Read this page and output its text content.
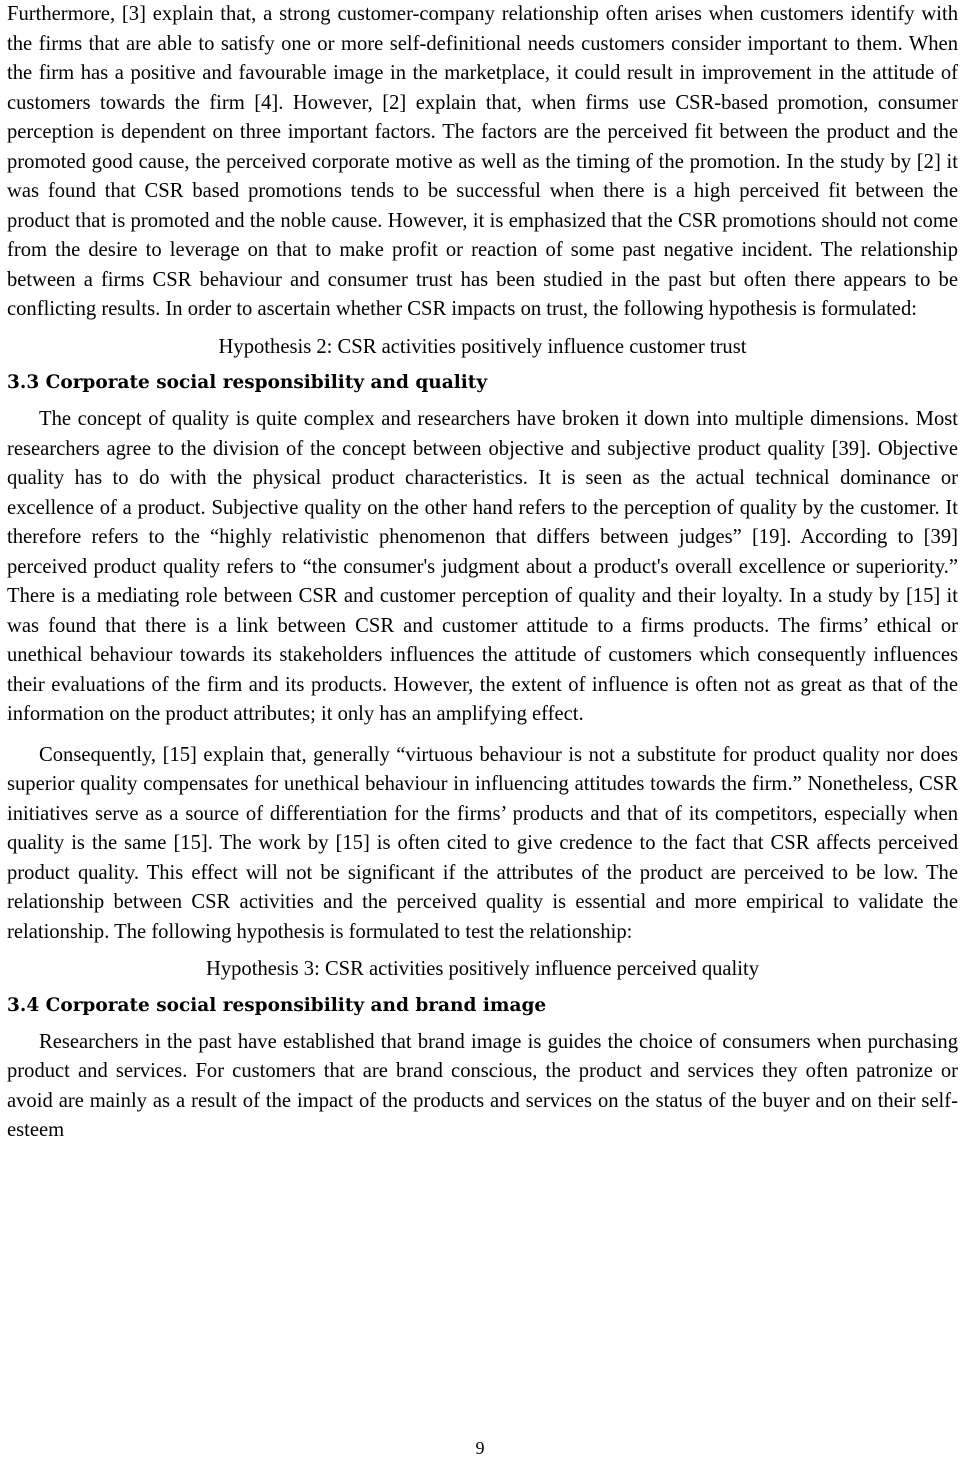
Furthermore, [3] explain that, a strong customer-company relationship often arises when customers identify with the firms that are able to satisfy one or more self-definitional needs customers consider important to them. When the firm has a positive and favourable image in the marketplace, it could result in improvement in the attitude of customers towards the firm [4]. However, [2] explain that, when firms use CSR-based promotion, consumer perception is dependent on three important factors. The factors are the perceived fit between the product and the promoted good cause, the perceived corporate motive as well as the timing of the promotion. In the study by [2] it was found that CSR based promotions tends to be successful when there is a high perceived fit between the product that is promoted and the noble cause. However, it is emphasized that the CSR promotions should not come from the desire to leverage on that to make profit or reaction of some past negative incident. The relationship between a firms CSR behaviour and consumer trust has been studied in the past but often there appears to be conflicting results. In order to ascertain whether CSR impacts on trust, the following hypothesis is formulated:

Hypothesis 2: CSR activities positively influence customer trust

3.3 Corporate social responsibility and quality

The concept of quality is quite complex and researchers have broken it down into multiple dimensions. Most researchers agree to the division of the concept between objective and subjective product quality [39]. Objective quality has to do with the physical product characteristics. It is seen as the actual technical dominance or excellence of a product. Subjective quality on the other hand refers to the perception of quality by the customer. It therefore refers to the “highly relativistic phenomenon that differs between judges” [19]. According to [39] perceived product quality refers to “the consumer's judgment about a product's overall excellence or superiority.” There is a mediating role between CSR and customer perception of quality and their loyalty. In a study by [15] it was found that there is a link between CSR and customer attitude to a firms products. The firms’ ethical or unethical behaviour towards its stakeholders influences the attitude of customers which consequently influences their evaluations of the firm and its products. However, the extent of influence is often not as great as that of the information on the product attributes; it only has an amplifying effect.

Consequently, [15] explain that, generally “virtuous behaviour is not a substitute for product quality nor does superior quality compensates for unethical behaviour in influencing attitudes towards the firm.” Nonetheless, CSR initiatives serve as a source of differentiation for the firms’ products and that of its competitors, especially when quality is the same [15]. The work by [15] is often cited to give credence to the fact that CSR affects perceived product quality. This effect will not be significant if the attributes of the product are perceived to be low. The relationship between CSR activities and the perceived quality is essential and more empirical to validate the relationship. The following hypothesis is formulated to test the relationship:

Hypothesis 3: CSR activities positively influence perceived quality

3.4 Corporate social responsibility and brand image

Researchers in the past have established that brand image is guides the choice of consumers when purchasing product and services. For customers that are brand conscious, the product and services they often patronize or avoid are mainly as a result of the impact of the products and services on the status of the buyer and on their self-esteem

9
